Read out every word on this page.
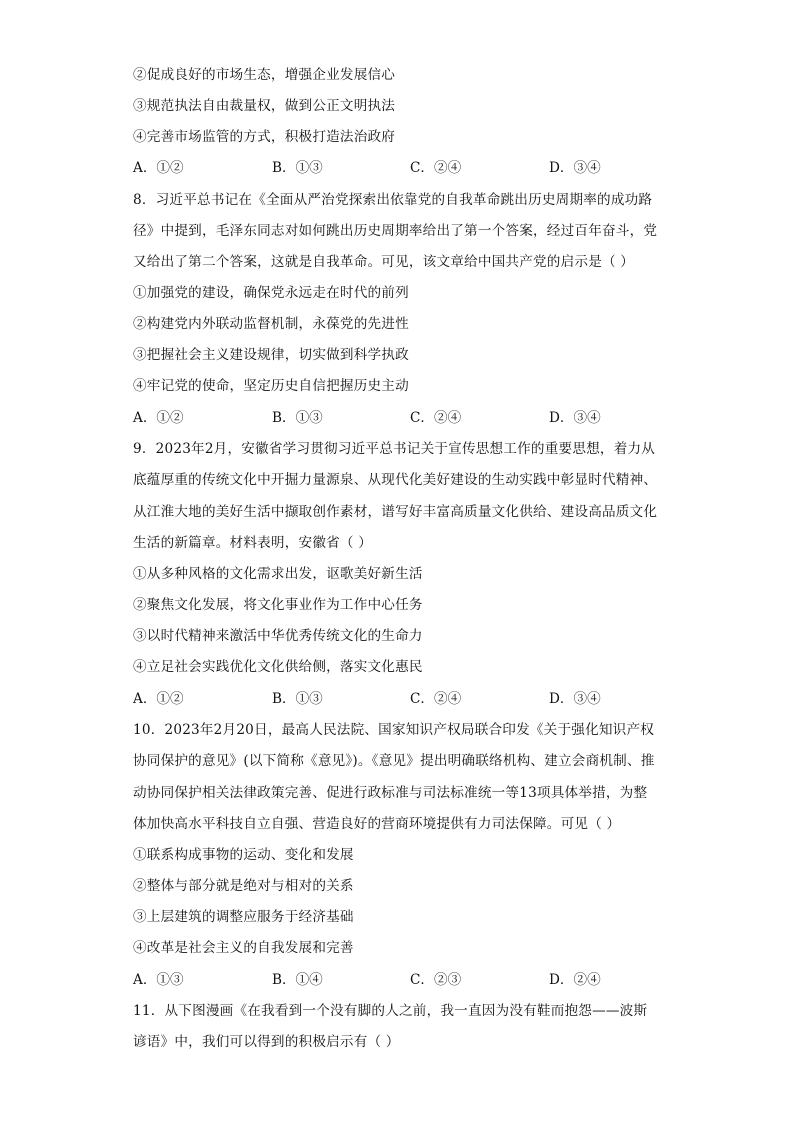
②促成良好的市场生态，增强企业发展信心
③规范执法自由裁量权，做到公正文明执法
④完善市场监管的方式，积极打造法治政府
A．①②	B．①③	C．②④	D．③④
8．习近平总书记在《全面从严治党探索出依靠党的自我革命跳出历史周期率的成功路
径》中提到，毛泽东同志对如何跳出历史周期率给出了第一个答案，经过百年奋斗，党
又给出了第二个答案，这就是自我革命。可见，该文章给中国共产党的启示是（ ）
①加强党的建设，确保党永远走在时代的前列
②构建党内外联动监督机制，永葆党的先进性
③把握社会主义建设规律，切实做到科学执政
④牢记党的使命，坚定历史自信把握历史主动
A．①②	B．①③	C．②④	D．③④
9．2023年2月，安徽省学习贯彻习近平总书记关于宣传思想工作的重要思想，着力从
底蕴厚重的传统文化中开掘力量源泉、从现代化美好建设的生动实践中彰显时代精神、
从江淮大地的美好生活中撷取创作素材，谱写好丰富高质量文化供给、建设高品质文化
生活的新篇章。材料表明，安徽省（ ）
①从多种风格的文化需求出发，讴歌美好新生活
②聚焦文化发展，将文化事业作为工作中心任务
③以时代精神来激活中华优秀传统文化的生命力
④立足社会实践优化文化供给侧，落实文化惠民
A．①②	B．①③	C．②④	D．③④
10．2023年2月20日，最高人民法院、国家知识产权局联合印发《关于强化知识产权
协同保护的意见》(以下简称《意见》)。《意见》提出明确联络机构、建立会商机制、推
动协同保护相关法律政策完善、促进行政标准与司法标准统一等13项具体举措，为整
体加快高水平科技自立自强、营造良好的营商环境提供有力司法保障。可见（ ）
①联系构成事物的运动、变化和发展
②整体与部分就是绝对与相对的关系
③上层建筑的调整应服务于经济基础
④改革是社会主义的自我发展和完善
A．①③	B．①④	C．②③	D．②④
11．从下图漫画《在我看到一个没有脚的人之前，我一直因为没有鞋而抱怨——波斯
谚语》中，我们可以得到的积极启示有（ ）
